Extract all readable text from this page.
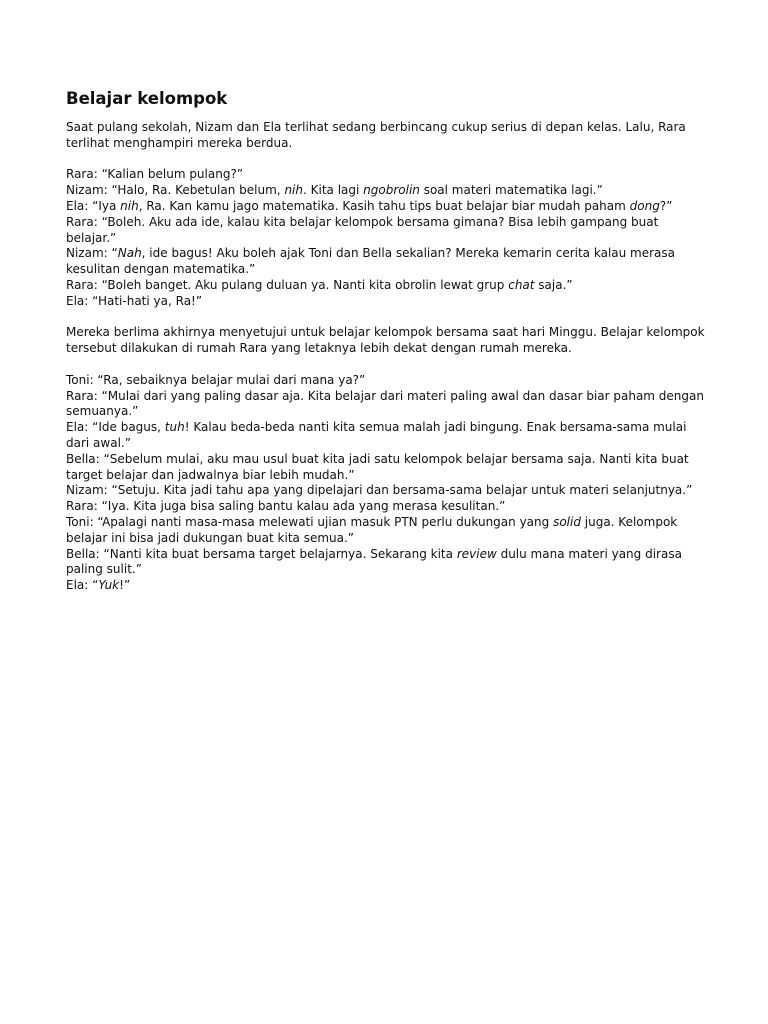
Belajar kelompok
Saat pulang sekolah, Nizam dan Ela terlihat sedang berbincang cukup serius di depan kelas. Lalu, Rara terlihat menghampiri mereka berdua.
Rara: “Kalian belum pulang?”
Nizam: “Halo, Ra. Kebetulan belum, nih. Kita lagi ngobrolin soal materi matematika lagi.”
Ela: “Iya nih, Ra. Kan kamu jago matematika. Kasih tahu tips buat belajar biar mudah paham dong?”
Rara: “Boleh. Aku ada ide, kalau kita belajar kelompok bersama gimana? Bisa lebih gampang buat belajar.”
Nizam: “Nah, ide bagus! Aku boleh ajak Toni dan Bella sekalian? Mereka kemarin cerita kalau merasa kesulitan dengan matematika.”
Rara: “Boleh banget. Aku pulang duluan ya. Nanti kita obrolin lewat grup chat saja.”
Ela: “Hati-hati ya, Ra!”
Mereka berlima akhirnya menyetujui untuk belajar kelompok bersama saat hari Minggu. Belajar kelompok tersebut dilakukan di rumah Rara yang letaknya lebih dekat dengan rumah mereka.
Toni: “Ra, sebaiknya belajar mulai dari mana ya?”
Rara: “Mulai dari yang paling dasar aja. Kita belajar dari materi paling awal dan dasar biar paham dengan semuanya.”
Ela: “Ide bagus, tuh! Kalau beda-beda nanti kita semua malah jadi bingung. Enak bersama-sama mulai dari awal.”
Bella: “Sebelum mulai, aku mau usul buat kita jadi satu kelompok belajar bersama saja. Nanti kita buat target belajar dan jadwalnya biar lebih mudah.”
Nizam: “Setuju. Kita jadi tahu apa yang dipelajari dan bersama-sama belajar untuk materi selanjutnya.”
Rara: “Iya. Kita juga bisa saling bantu kalau ada yang merasa kesulitan.”
Toni: “Apalagi nanti masa-masa melewati ujian masuk PTN perlu dukungan yang solid juga. Kelompok belajar ini bisa jadi dukungan buat kita semua.”
Bella: “Nanti kita buat bersama target belajarnya. Sekarang kita review dulu mana materi yang dirasa paling sulit.”
Ela: “Yuk!”
